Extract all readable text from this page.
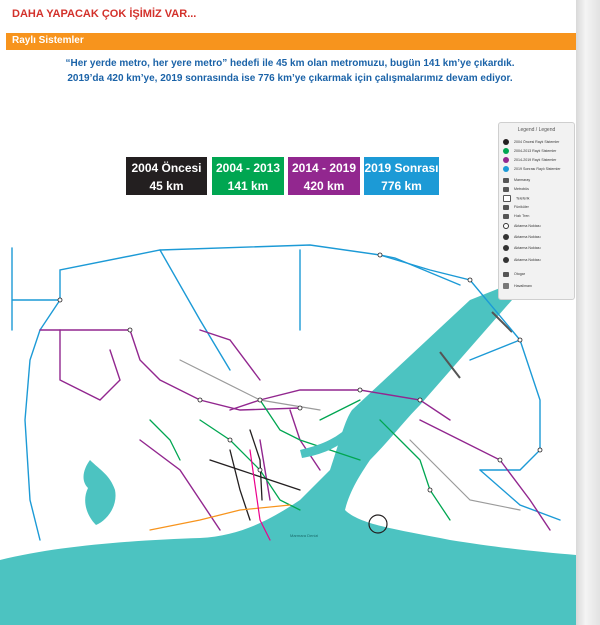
DAHA YAPACAK ÇOK İŞİMİZ VAR...
Raylı Sistemler
“Her yerde metro, her yere metro” hedefi ile 45 km olan metromuzu, bugün 141 km’ye çıkardık.
2019’da 420 km’ye, 2019 sonrasında ise 776 km’ye çıkarmak için çalışmalarımız devam ediyor.
2004 Öncesi
45 km
2004 - 2013
141 km
2014 - 2019
420 km
2019 Sonrası
776 km
Marmara Denizi
Legend / Legend
2004 Öncesi Raylı Sistemler
2004-2013 Raylı Sistemler
2014-2019 Raylı Sistemler
2019 Sonrası Raylı Sistemler
Marmaray
Metrobüs
Teleferik
Füniküler
Hızlı Tren
Aktarma Noktası
Aktarma Noktası
Aktarma Noktası
Aktarma Noktası
Otogar
Havalimanı
